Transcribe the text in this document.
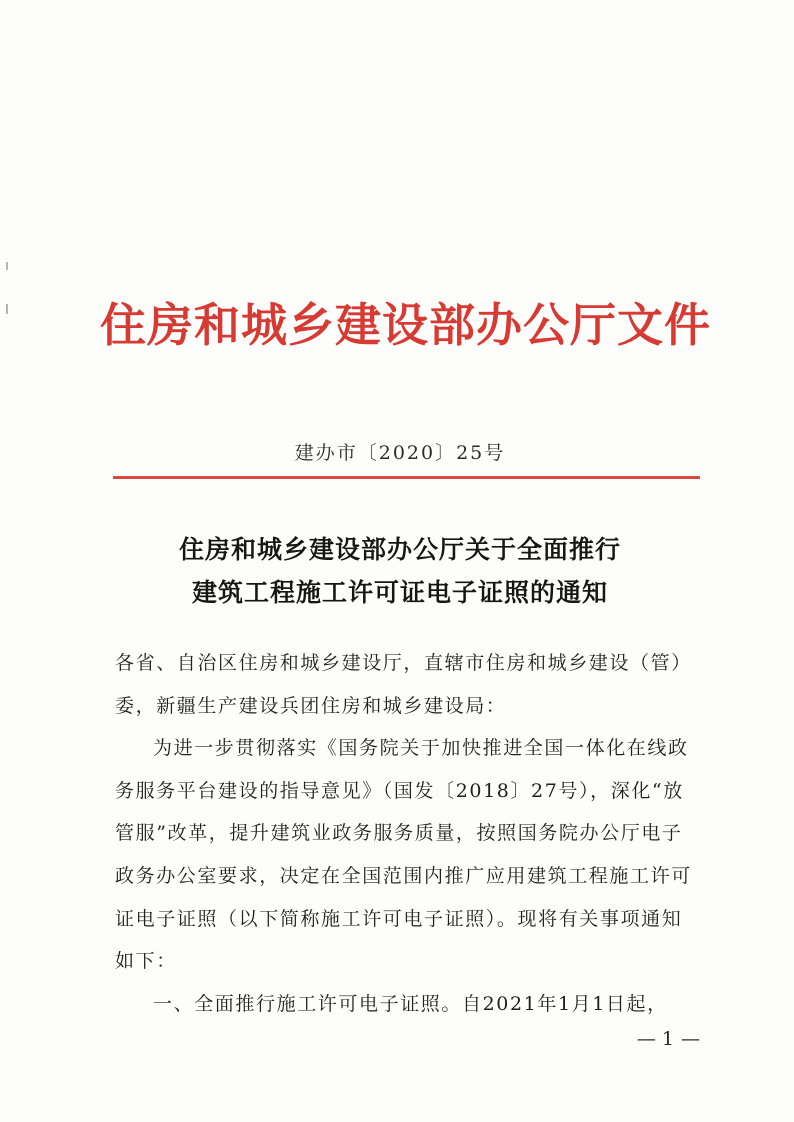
住房和城乡建设部办公厅文件
建办市〔2020〕25号
住房和城乡建设部办公厅关于全面推行
建筑工程施工许可证电子证照的通知

各省、自治区住房和城乡建设厅，直辖市住房和城乡建设（管）委，新疆生产建设兵团住房和城乡建设局：

为进一步贯彻落实《国务院关于加快推进全国一体化在线政务服务平台建设的指导意见》（国发〔2018〕27号），深化“放管服”改革，提升建筑业政务服务质量，按照国务院办公厅电子政务办公室要求，决定在全国范围内推广应用建筑工程施工许可证电子证照（以下简称施工许可电子证照）。现将有关事项通知如下：

一、全面推行施工许可电子证照。自2021年1月1日起，

— 1 —
